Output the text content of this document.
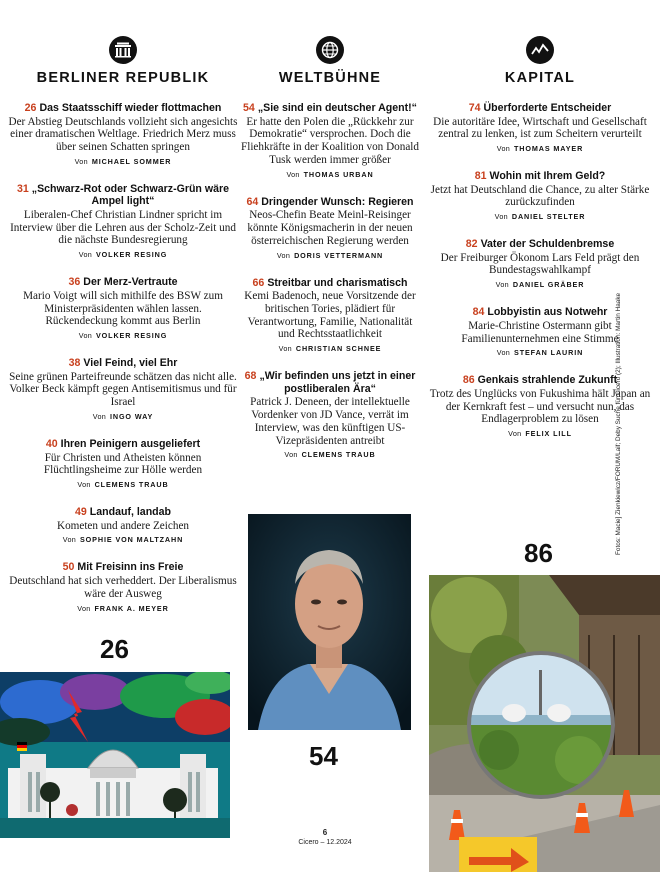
BERLINER REPUBLIK
26 Das Staatsschiff wieder flottmachen
Der Abstieg Deutschlands vollzieht sich angesichts einer dramatischen Weltlage. Friedrich Merz muss über seinen Schatten springen
Von  MICHAEL SOMMER
31 „Schwarz-Rot oder Schwarz-Grün wäre Ampel light“
Liberalen-Chef Christian Lindner spricht im Interview über die Lehren aus der Scholz-Zeit und die nächste Bundesregierung
Von  VOLKER RESING
36 Der Merz-Vertraute
Mario Voigt will sich mithilfe des BSW zum Ministerpräsidenten wählen lassen. Rückendeckung kommt aus Berlin
Von  VOLKER RESING
38 Viel Feind, viel Ehr
Seine grünen Parteifreunde schätzen das nicht alle. Volker Beck kämpft gegen Antisemitismus und für Israel
Von  INGO WAY
40 Ihren Peinigern ausgeliefert
Für Christen und Atheisten können Flüchtlingsheime zur Hölle werden
Von  CLEMENS TRAUB
49 Landauf, landab
Kometen und andere Zeichen
Von  SOPHIE VON MALTZAHN
50 Mit Freisinn ins Freie
Deutschland hat sich verheddert. Der Liberalismus wäre der Ausweg
Von  FRANK A. MEYER
WELTBÜHNE
54 „Sie sind ein deutscher Agent!“
Er hatte den Polen die „Rückkehr zur Demokratie“ versprochen. Doch die Fliehkräfte in der Koalition von Donald Tusk werden immer größer
Von  THOMAS URBAN
64 Dringender Wunsch: Regieren
Neos-Chefin Beate Meinl-Reisinger könnte Königsmacherin in der neuen österreichischen Regierung werden
Von  DORIS VETTERMANN
66 Streitbar und charismatisch
Kemi Badenoch, neue Vorsitzende der britischen Tories, plädiert für Verantwortung, Familie, Nationalität und Rechtsstaatlichkeit
Von  CHRISTIAN SCHNEE
68 „Wir befinden uns jetzt in einer postliberalen Ära“
Patrick J. Deneen, der intellektuelle Vordenker von JD Vance, verrät im Interview, was den künftigen US-Vizepräsidenten antreibt
Von  CLEMENS TRAUB
KAPITAL
74 Überforderte Entscheider
Die autoritäre Idee, Wirtschaft und Gesellschaft zentral zu lenken, ist zum Scheitern verurteilt
Von  THOMAS MAYER
81 Wohin mit Ihrem Geld?
Jetzt hat Deutschland die Chance, zu alter Stärke zurückzufinden
Von  DANIEL STELTER
82 Vater der Schuldenbremse
Der Freiburger Ökonom Lars Feld prägt den Bundestagswahlkampf
Von  DANIEL GRÄBER
84 Lobbyistin aus Notwehr
Marie-Christine Ostermann gibt Familienunternehmen eine Stimme
Von  STEFAN LAURIN
86 Genkais strahlende Zukunft
Trotz des Unglücks von Fukushima hält Japan an der Kernkraft fest – und versucht nun, das Endlagerproblem zu lösen
Von  FELIX LILL
26
54
86	Fotos: Macie] Zienkiewicz/FORUM/Laif; Deby Suche für Cicero (2); Illustration: Martin Haake
6
Cicero – 12.2024
